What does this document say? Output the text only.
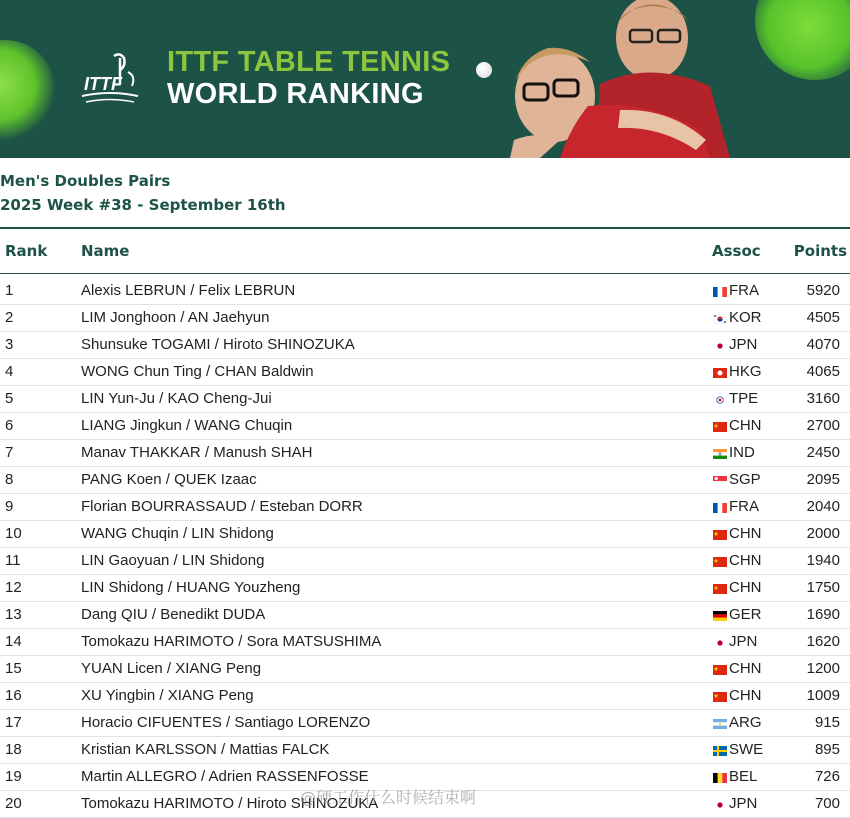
ITTF
ITTF TABLE TENNIS
WORLD RANKING
Men's Doubles Pairs
2025 Week #38 - September 16th
Rank Name	Assoc Points
1	Alexis LEBRUN / Felix LEBRUN	FRA	5920
2	LIM Jonghoon / AN Jaehyun	KOR	4505
3	Shunsuke TOGAMI / Hiroto SHINOZUKA	JPN	4070
4	WONG Chun Ting / CHAN Baldwin	HKG	4065
5	LIN Yun-Ju / KAO Cheng-Jui	TPE	3160
6	LIANG Jingkun / WANG Chuqin	CHN	2700
7	Manav THAKKAR / Manush SHAH	IND	2450
8	PANG Koen / QUEK Izaac	SGP	2095
9	Florian BOURRASSAUD / Esteban DORR	FRA	2040
10	WANG Chuqin / LIN Shidong	CHN	2000
11	LIN Gaoyuan / LIN Shidong	CHN	1940
12	LIN Shidong / HUANG Youzheng	CHN	1750
13	Dang QIU / Benedikt DUDA	GER	1690
14	Tomokazu HARIMOTO / Sora MATSUSHIMA	JPN	1620
15	YUAN Licen / XIANG Peng	CHN	1200
16	XU Yingbin / XIANG Peng	CHN	1009
17	Horacio CIFUENTES / Santiago LORENZO	ARG	915
18	Kristian KARLSSON / Mattias FALCK	SWE	895
19	Martin ALLEGRO / Adrien RASSENFOSSE	BEL	726
20	Tomokazu HARIMOTO / Hiroto SHINOZUKA	JPN	700
@硬工作什么时候结束啊
